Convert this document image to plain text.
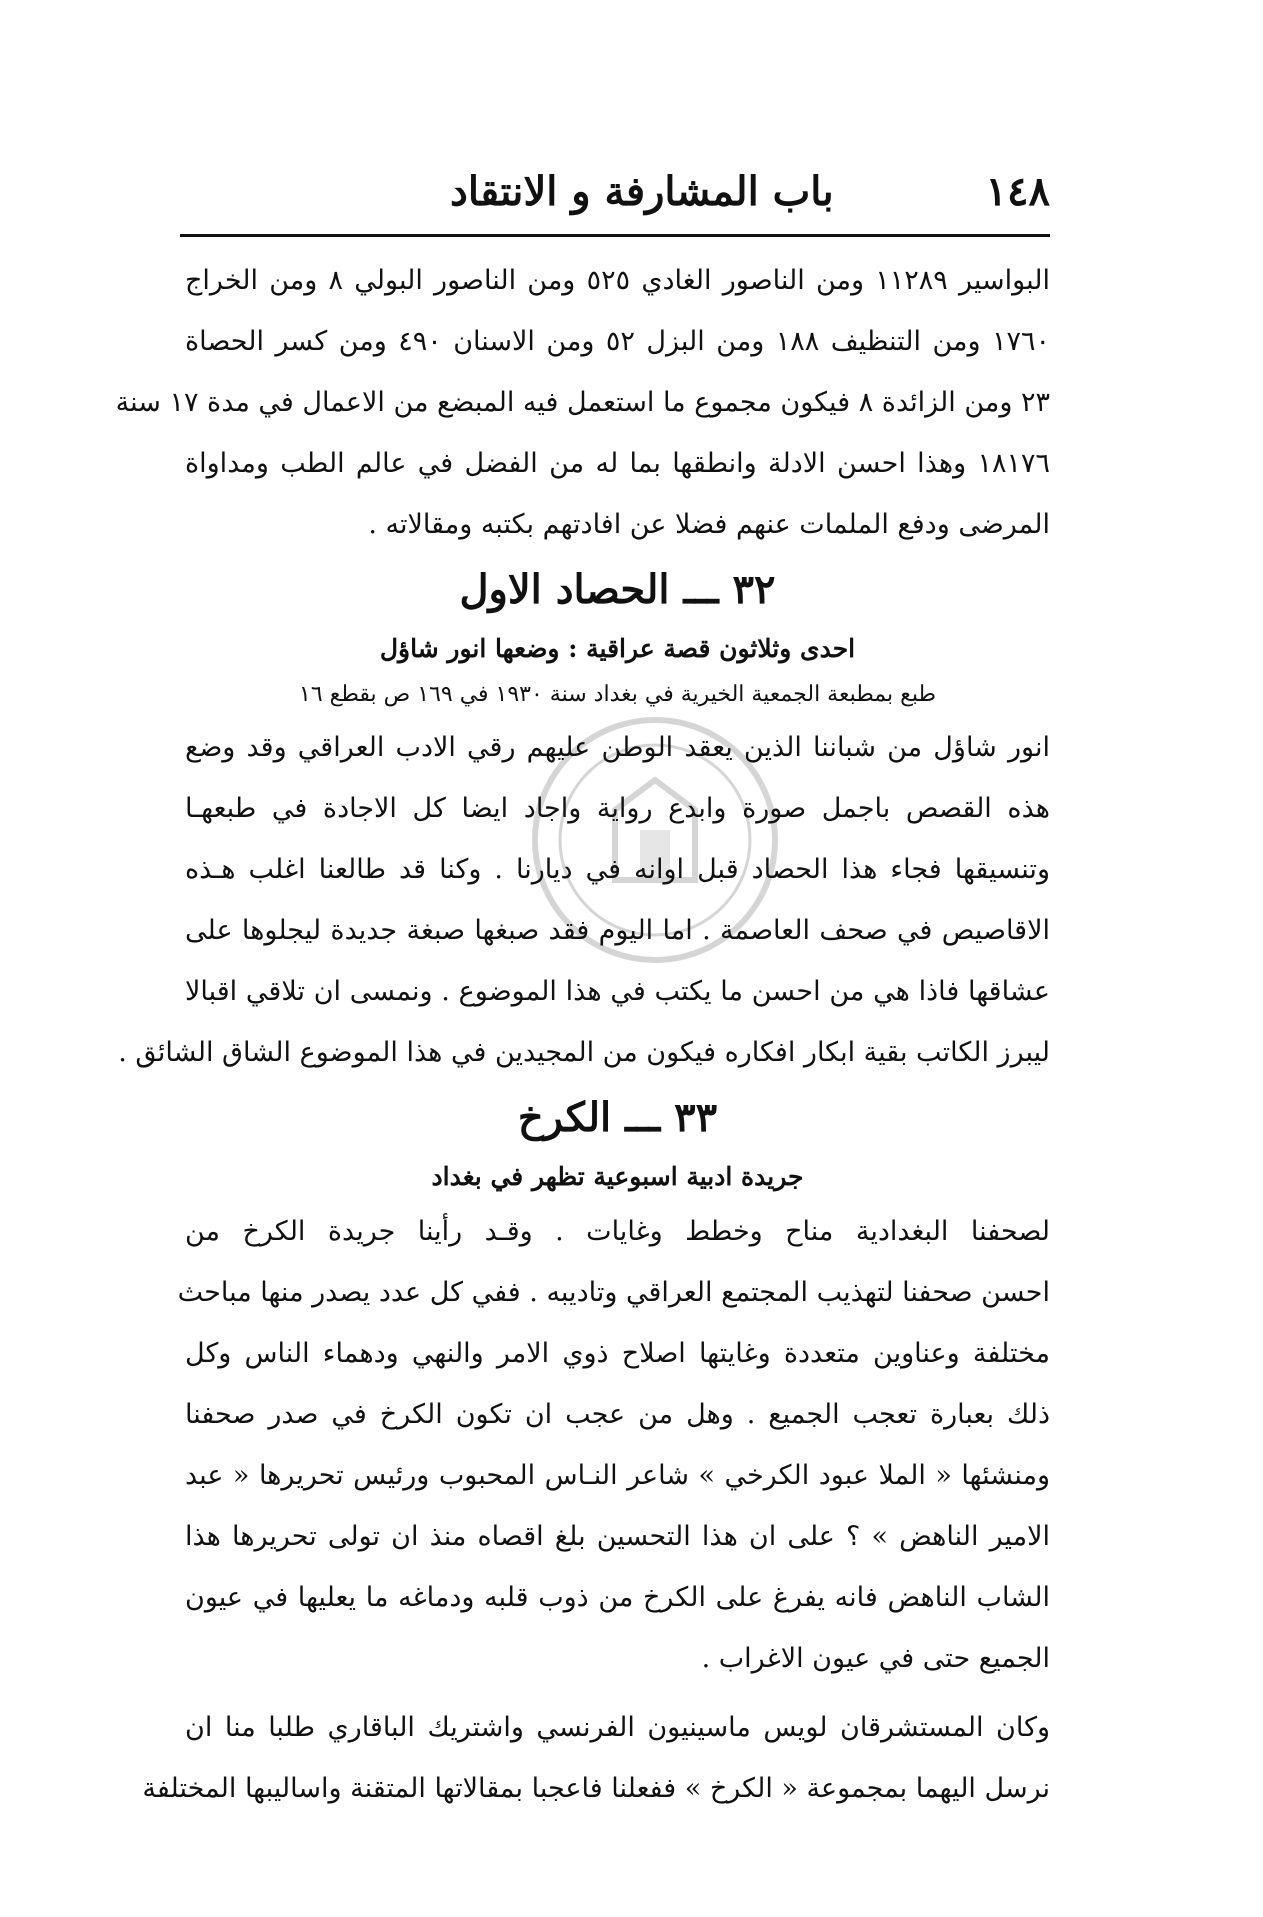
١٤٨
باب المشارفة و الانتقاد
البواسير ١١٢٨٩ ومن الناصور الغادي ٥٢٥ ومن الناصور البولي ٨ ومن الخراج
١٧٦٠ ومن التنظيف ١٨٨ ومن البزل ٥٢ ومن الاسنان ٤٩٠ ومن كسر الحصاة
٢٣ ومن الزائدة ٨ فيكون مجموع ما استعمل فيه المبضع من الاعمال في مدة ١٧ سنة
١٨١٧٦ وهذا احسن الادلة وانطقها بما له من الفضل في عالم الطب ومداواة
المرضى ودفع الملمات عنهم فضلا عن افادتهم بكتبه ومقالاته .
٣٢ ـــ الحصاد الاول
احدى وثلاثون قصة عراقية : وضعها انور شاؤل
طبع بمطبعة الجمعية الخيرية في بغداد سنة ١٩٣٠ في ١٦٩ ص بقطع ١٦
انور شاؤل من شباننا الذين يعقد الوطن عليهم رقي الادب العراقي وقد وضع
هذه القصص باجمل صورة وابدع رواية واجاد ايضا كل الاجادة في طبعهـا
وتنسيقها فجاء هذا الحصاد قبل اوانه في ديارنا . وكنا قد طالعنا اغلب هـذه
الاقاصيص في صحف العاصمة . اما اليوم فقد صبغها صبغة جديدة ليجلوها على
عشاقها فاذا هي من احسن ما يكتب في هذا الموضوع . ونمسى ان تلاقي اقبالا
ليبرز الكاتب بقية ابكار افكاره فيكون من المجيدين في هذا الموضوع الشاق الشائق .
٣٣ ـــ الكرخ
جريدة ادبية اسبوعية تظهر في بغداد
لصحفنا البغدادية مناح وخطط وغايات . وقـد رأينا جريدة الكرخ من
احسن صحفنا لتهذيب المجتمع العراقي وتاديبه . ففي كل عدد يصدر منها مباحث
مختلفة وعناوين متعددة وغايتها اصلاح ذوي الامر والنهي ودهماء الناس وكل
ذلك بعبارة تعجب الجميع . وهل من عجب ان تكون الكرخ في صدر صحفنا
ومنشئها « الملا عبود الكرخي » شاعر النـاس المحبوب ورئيس تحريرها « عبد
الامير الناهض » ؟ على ان هذا التحسين بلغ اقصاه منذ ان تولى تحريرها هذا
الشاب الناهض فانه يفرغ على الكرخ من ذوب قلبه ودماغه ما يعليها في عيون
الجميع حتى في عيون الاغراب .
وكان المستشرقان لويس ماسينيون الفرنسي واشتريك الباقاري طلبا منا ان
نرسل اليهما بمجموعة « الكرخ » ففعلنا فاعجبا بمقالاتها المتقنة واساليبها المختلفة
